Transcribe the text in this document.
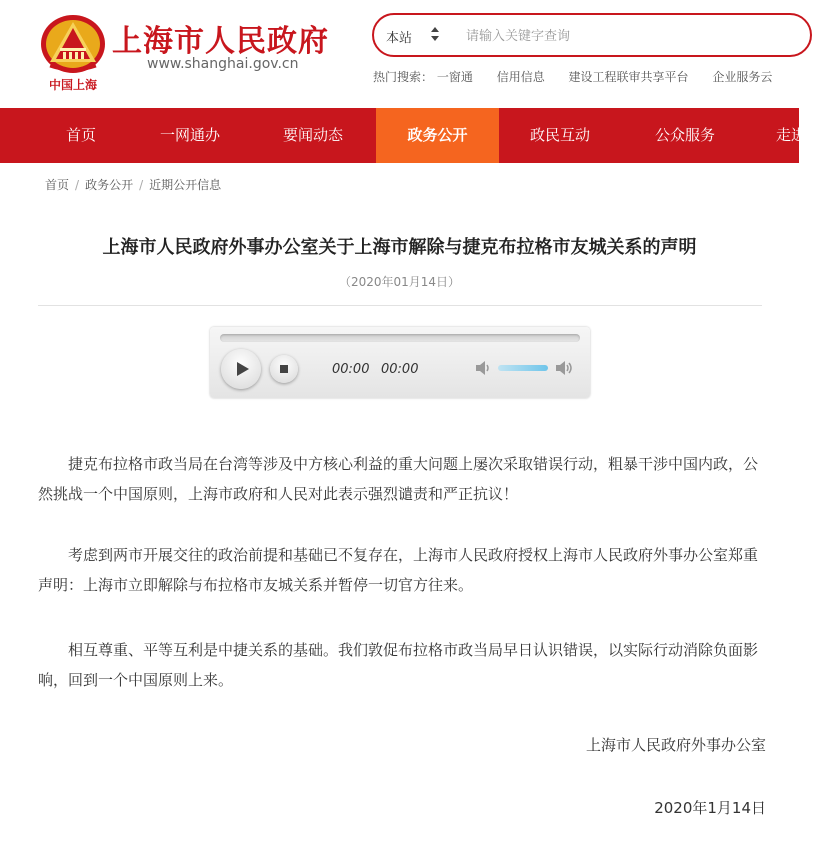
中国上海
上海市人民政府
www.shanghai.gov.cn
本站
请输入关键字查询
热门搜索： 一窗通 信用信息 建设工程联审共享平台 企业服务云
首页	一网通办	要闻动态	政务公开	政民互动	公众服务	走进
首页 / 政务公开 / 近期公开信息
上海市人民政府外事办公室关于上海市解除与捷克布拉格市友城关系的声明
（2020年01月14日）
00:00 00:00
捷克布拉格市政当局在台湾等涉及中方核心利益的重大问题上屡次采取错误行动，粗暴干涉中国内政，公然挑战一个中国原则，上海市政府和人民对此表示强烈谴责和严正抗议！
考虑到两市开展交往的政治前提和基础已不复存在，上海市人民政府授权上海市人民政府外事办公室郑重声明：上海市立即解除与布拉格市友城关系并暂停一切官方往来。
相互尊重、平等互利是中捷关系的基础。我们敦促布拉格市政当局早日认识错误，以实际行动消除负面影响，回到一个中国原则上来。
上海市人民政府外事办公室
2020年1月14日
